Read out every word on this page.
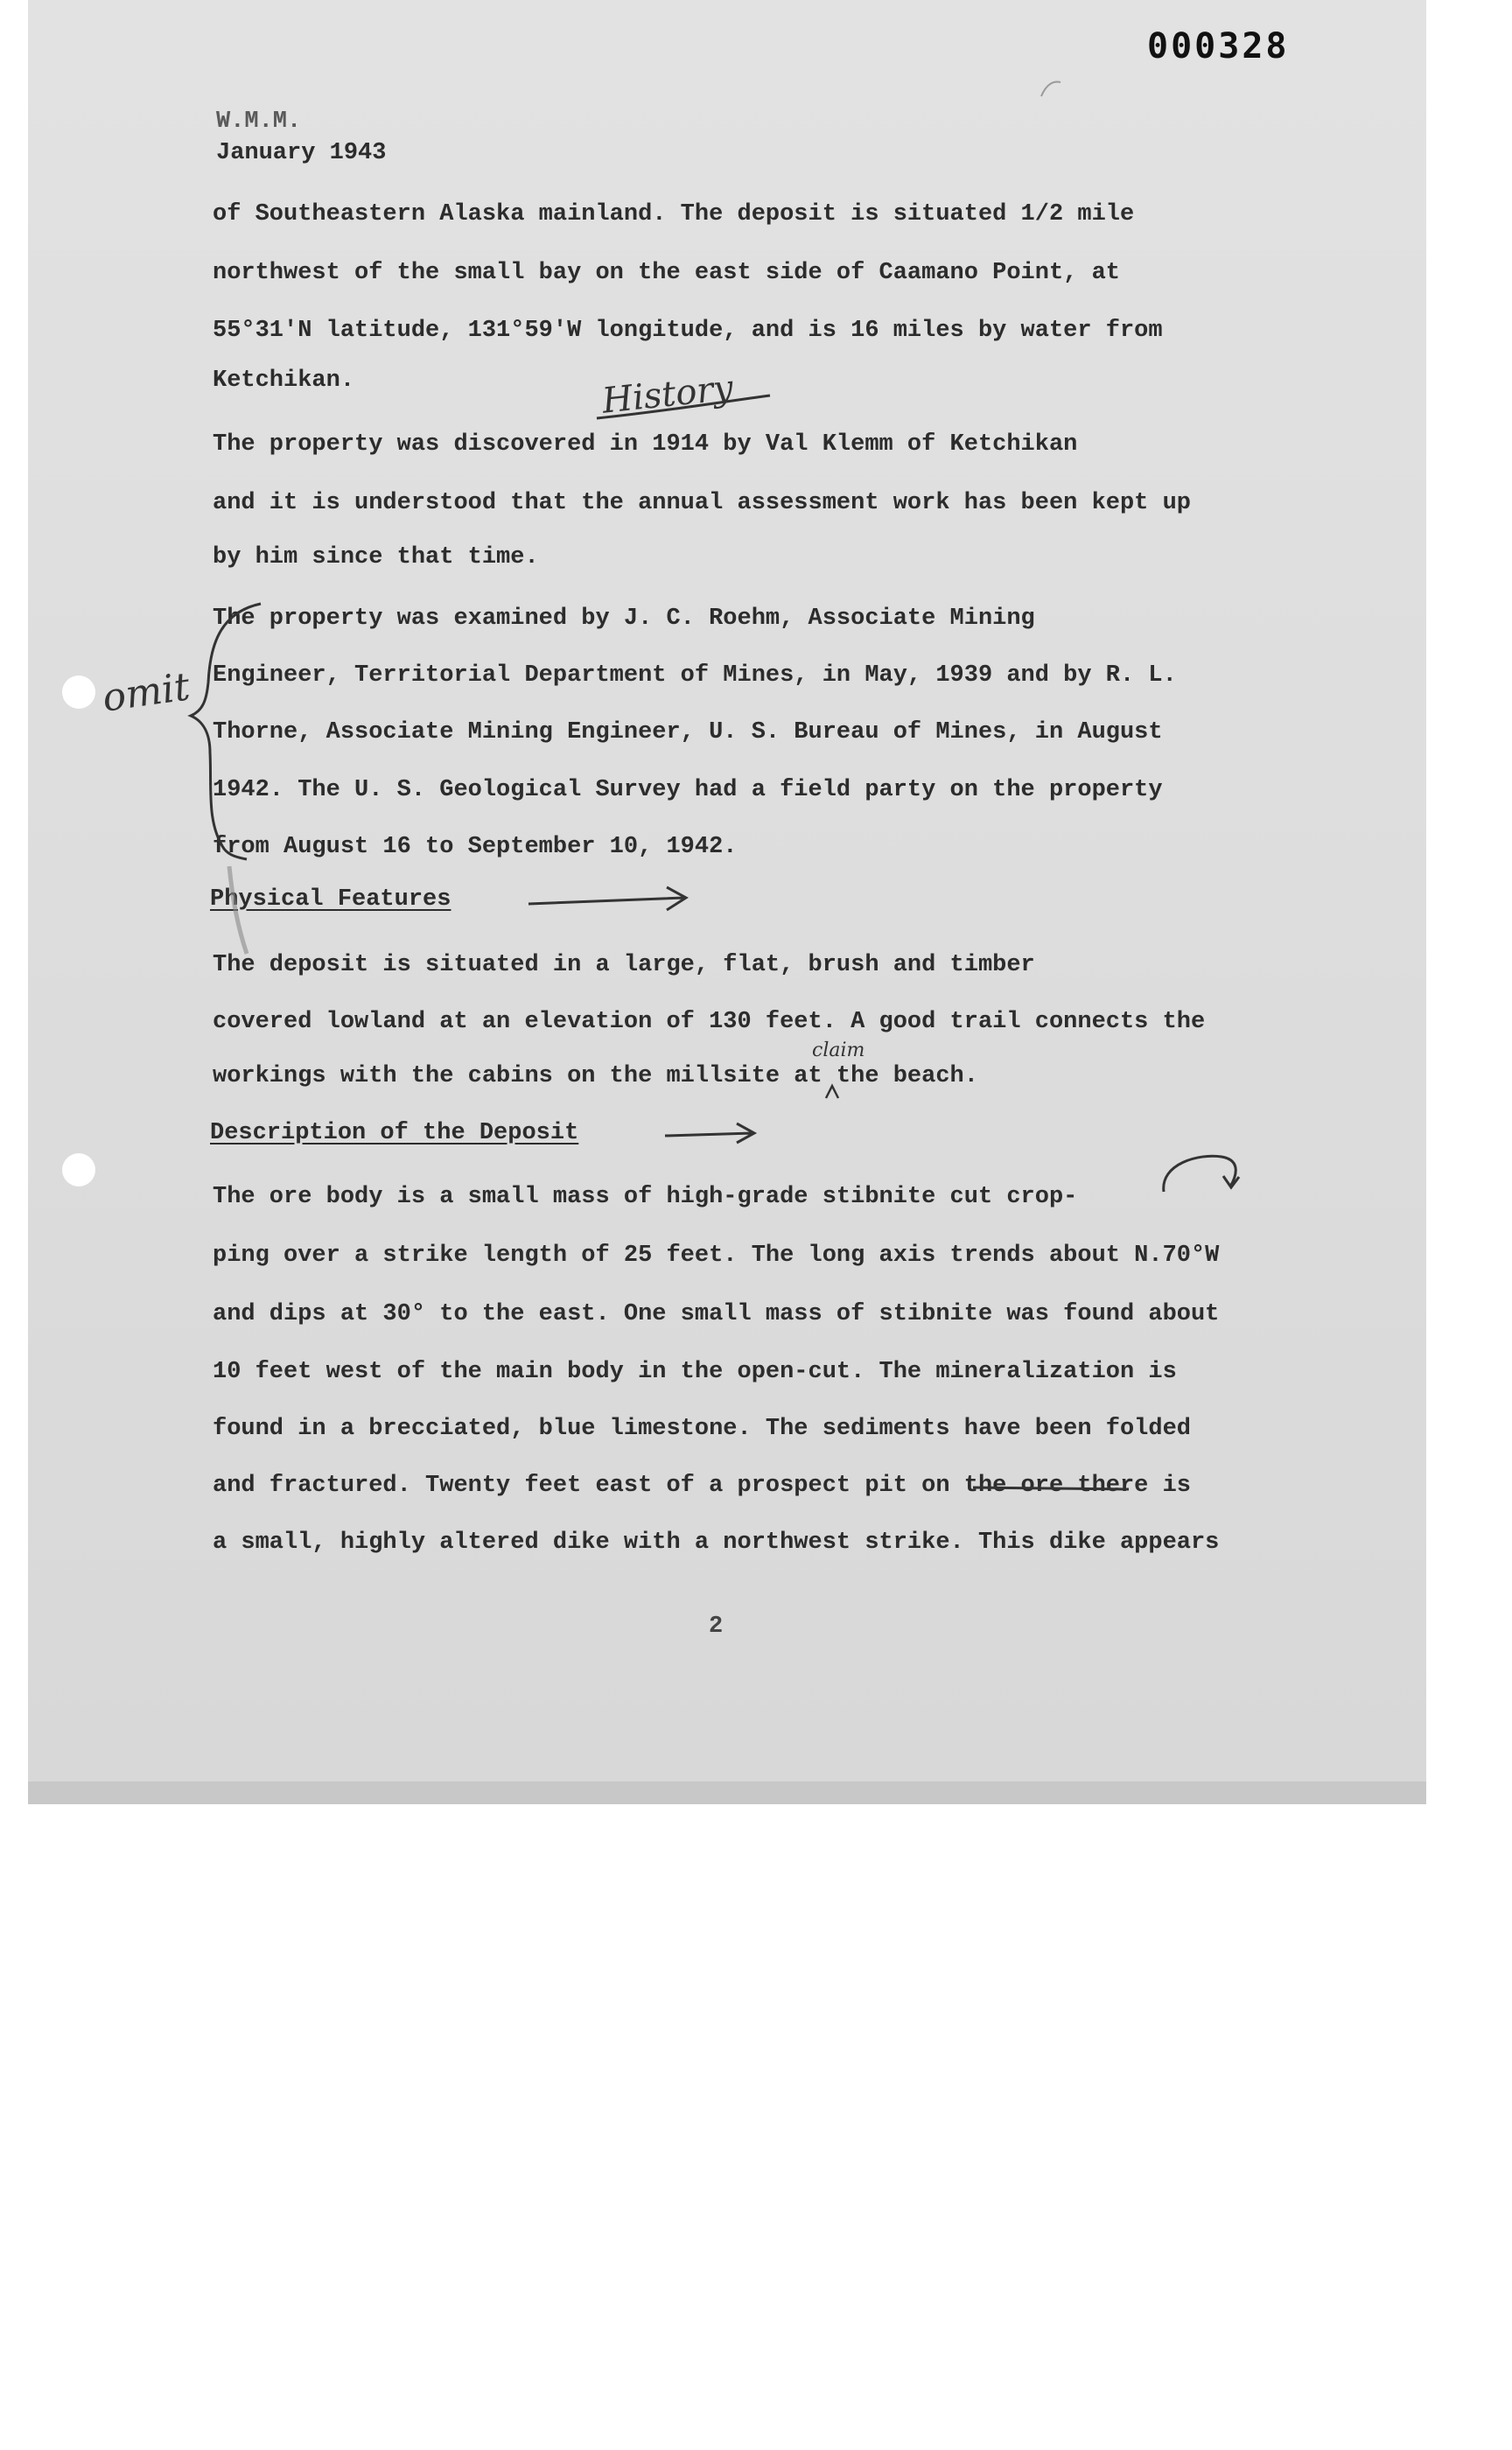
000328
W.M.M.
January 1943
of Southeastern Alaska mainland. The deposit is situated 1/2 mile
northwest of the small bay on the east side of Caamano Point, at
55°31'N latitude, 131°59'W longitude, and is 16 miles by water from
Ketchikan.	History
The property was discovered in 1914 by Val Klemm of Ketchikan
and it is understood that the annual assessment work has been kept up
by him since that time.
The property was examined by J. C. Roehm, Associate Mining
Engineer, Territorial Department of Mines, in May, 1939 and by R. L.
Thorne, Associate Mining Engineer, U. S. Bureau of Mines, in August
1942. The U. S. Geological Survey had a field party on the property
from August 16 to September 10, 1942.
omit
Physical Features
The deposit is situated in a large, flat, brush and timber
covered lowland at an elevation of 130 feet. A good trail connects the
workings with the cabins on the millsite at the beach.
claim
Description of the Deposit
The ore body is a small mass of high-grade stibnite cut crop-
ping over a strike length of 25 feet. The long axis trends about N.70°W
and dips at 30° to the east. One small mass of stibnite was found about
10 feet west of the main body in the open-cut. The mineralization is
found in a brecciated, blue limestone. The sediments have been folded
and fractured. Twenty feet east of a prospect pit on the ore there is
a small, highly altered dike with a northwest strike. This dike appears
2
